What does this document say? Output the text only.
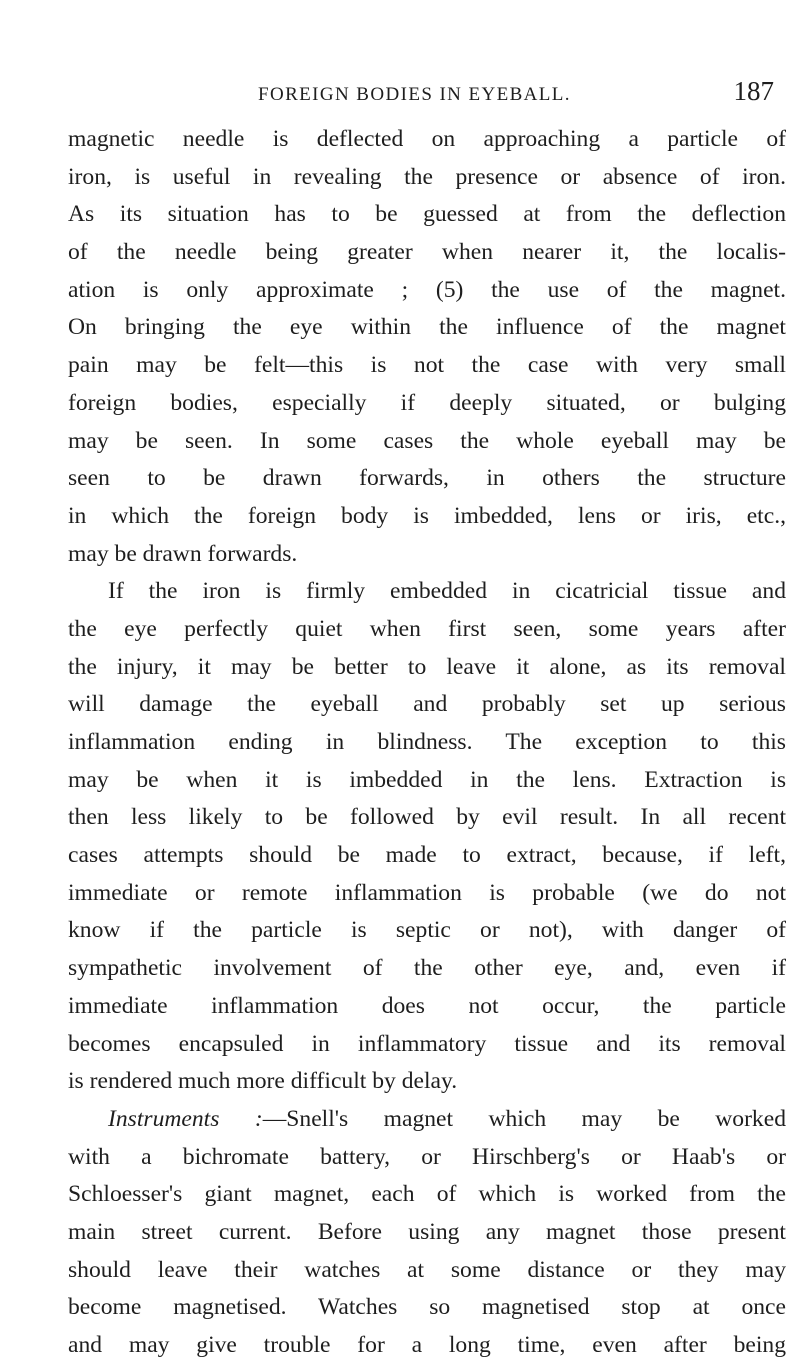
FOREIGN BODIES IN EYEBALL.	187
magnetic needle is deflected on approaching a particle of
iron, is useful in revealing the presence or absence of iron.
As its situation has to be guessed at from the deflection
of the needle being greater when nearer it, the localis-
ation is only approximate ; (5) the use of the magnet.
On bringing the eye within the influence of the magnet
pain may be felt—this is not the case with very small
foreign bodies, especially if deeply situated, or bulging
may be seen. In some cases the whole eyeball may be
seen to be drawn forwards, in others the structure
in which the foreign body is imbedded, lens or iris, etc.,
may be drawn forwards.
If the iron is firmly embedded in cicatricial tissue and
the eye perfectly quiet when first seen, some years after
the injury, it may be better to leave it alone, as its removal
will damage the eyeball and probably set up serious
inflammation ending in blindness. The exception to this
may be when it is imbedded in the lens. Extraction is
then less likely to be followed by evil result. In all recent
cases attempts should be made to extract, because, if left,
immediate or remote inflammation is probable (we do not
know if the particle is septic or not), with danger of
sympathetic involvement of the other eye, and, even if
immediate inflammation does not occur, the particle
becomes encapsuled in inflammatory tissue and its removal
is rendered much more difficult by delay.
Instruments :—Snell's magnet which may be worked
with a bichromate battery, or Hirschberg's or Haab's or
Schloesser's giant magnet, each of which is worked from the
main street current. Before using any magnet those present
should leave their watches at some distance or they may
become magnetised. Watches so magnetised stop at once
and may give trouble for a long time, even after being
